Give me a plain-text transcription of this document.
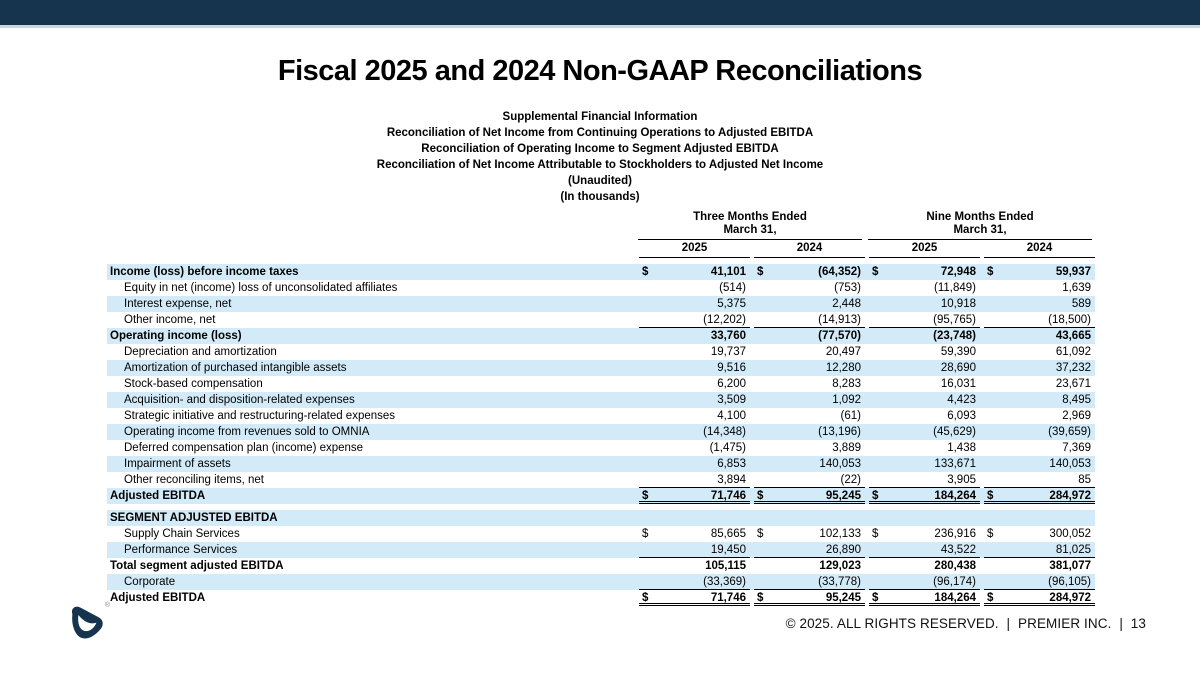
Fiscal 2025 and 2024 Non-GAAP Reconciliations
Supplemental Financial Information
Reconciliation of Net Income from Continuing Operations to Adjusted EBITDA
Reconciliation of Operating Income to Segment Adjusted EBITDA
Reconciliation of Net Income Attributable to Stockholders to Adjusted Net Income
(Unaudited)
(In thousands)
Three Months Ended
March 31,
Nine Months Ended
March 31,
2025	2024	2025	2024
Income (loss) before income taxes	$	41,101 $	(64,352) $	72,948 $	59,937
Equity in net (income) loss of unconsolidated affiliates	(514)	(753)	(11,849)	1,639
Interest expense, net	5,375	2,448	10,918	589
Other income, net	(12,202)	(14,913)	(95,765)	(18,500)
Operating income (loss)	33,760	(77,570)	(23,748)	43,665
Depreciation and amortization	19,737	20,497	59,390	61,092
Amortization of purchased intangible assets	9,516	12,280	28,690	37,232
Stock-based compensation	6,200	8,283	16,031	23,671
Acquisition- and disposition-related expenses	3,509	1,092	4,423	8,495
Strategic initiative and restructuring-related expenses	4,100	(61)	6,093	2,969
Operating income from revenues sold to OMNIA	(14,348)	(13,196)	(45,629)	(39,659)
Deferred compensation plan (income) expense	(1,475)	3,889	1,438	7,369
Impairment of assets	6,853	140,053	133,671	140,053
Other reconciling items, net	3,894	(22)	3,905	85
Adjusted EBITDA	$	71,746 $	95,245 $	184,264 $	284,972
SEGMENT ADJUSTED EBITDA
Supply Chain Services	$	85,665 $	102,133 $	236,916 $	300,052
Performance Services	19,450	26,890	43,522	81,025
Total segment adjusted EBITDA	105,115	129,023	280,438	381,077
Corporate	(33,369)	(33,778)	(96,174)	(96,105)
Adjusted EBITDA	$	71,746 $	95,245 $	184,264 $	284,972
®
© 2025. ALL RIGHTS RESERVED. | PREMIER INC. | 13
